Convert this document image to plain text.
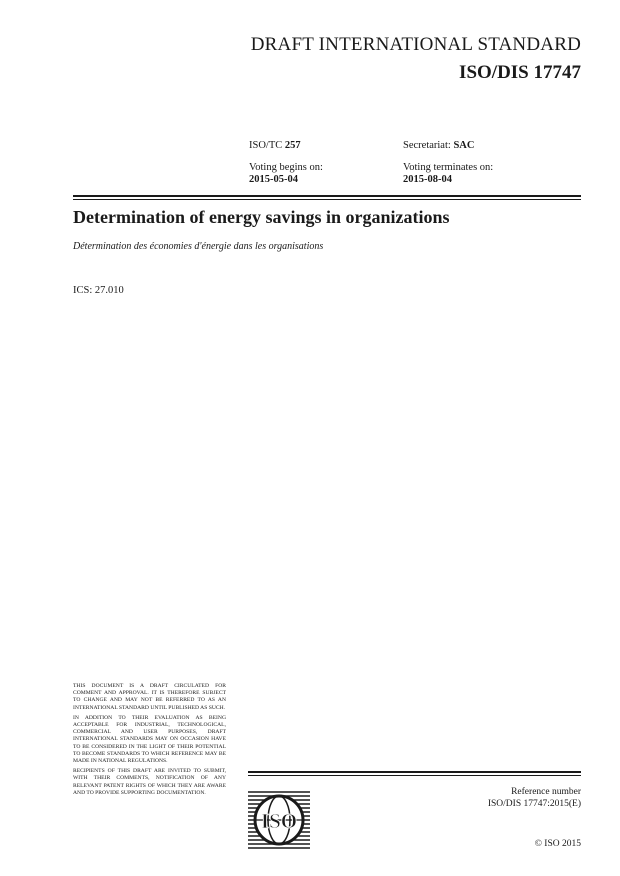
DRAFT INTERNATIONAL STANDARD
ISO/DIS 17747
ISO/TC 257	Secretariat: SAC
Voting begins on:
2015-05-04
Voting terminates on:
2015-08-04
Determination of energy savings in organizations
Détermination des économies d'énergie dans les organisations
ICS: 27.010

THIS DOCUMENT IS A DRAFT CIRCULATED FOR COMMENT AND APPROVAL. IT IS THEREFORE SUBJECT TO CHANGE AND MAY NOT BE REFERRED TO AS AN INTERNATIONAL STANDARD UNTIL PUBLISHED AS SUCH.

IN ADDITION TO THEIR EVALUATION AS BEING ACCEPTABLE FOR INDUSTRIAL, TECHNOLOGICAL, COMMERCIAL AND USER PURPOSES, DRAFT INTERNATIONAL STANDARDS MAY ON OCCASION HAVE TO BE CONSIDERED IN THE LIGHT OF THEIR POTENTIAL TO BECOME STANDARDS TO WHICH REFERENCE MAY BE MADE IN NATIONAL REGULATIONS.

RECIPIENTS OF THIS DRAFT ARE INVITED TO SUBMIT, WITH THEIR COMMENTS, NOTIFICATION OF ANY RELEVANT PATENT RIGHTS OF WHICH THEY ARE AWARE AND TO PROVIDE SUPPORTING DOCUMENTATION.

ISO
Reference number
ISO/DIS 17747:2015(E)
© ISO 2015
